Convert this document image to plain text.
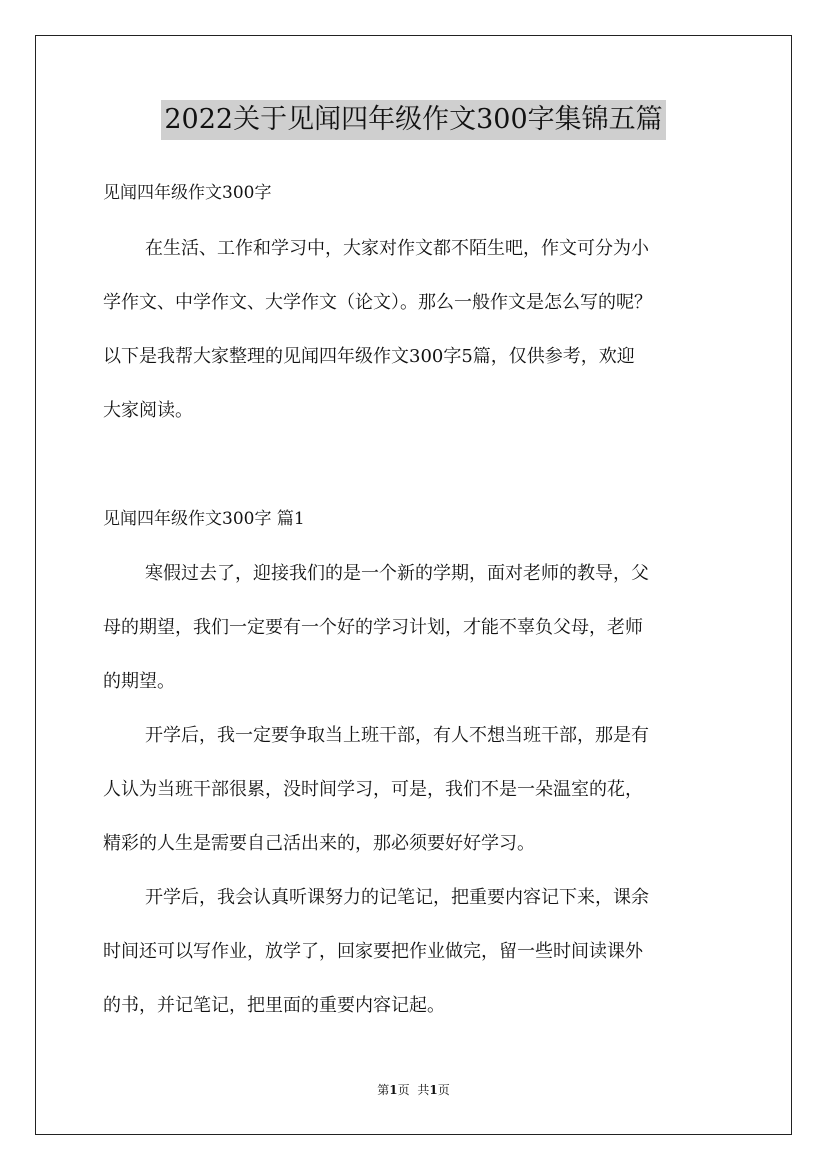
2022关于见闻四年级作文300字集锦五篇
见闻四年级作文300字
在生活、工作和学习中，大家对作文都不陌生吧，作文可分为小
学作文、中学作文、大学作文（论文）。那么一般作文是怎么写的呢？
以下是我帮大家整理的见闻四年级作文300字5篇，仅供参考，欢迎
大家阅读。
见闻四年级作文300字 篇1
寒假过去了，迎接我们的是一个新的学期，面对老师的教导，父
母的期望，我们一定要有一个好的学习计划，才能不辜负父母，老师
的期望。
开学后，我一定要争取当上班干部，有人不想当班干部，那是有
人认为当班干部很累，没时间学习，可是，我们不是一朵温室的花，
精彩的人生是需要自己活出来的，那必须要好好学习。
开学后，我会认真听课努力的记笔记，把重要内容记下来，课余
时间还可以写作业，放学了，回家要把作业做完，留一些时间读课外
的书，并记笔记，把里面的重要内容记起。
第1页 共1页
